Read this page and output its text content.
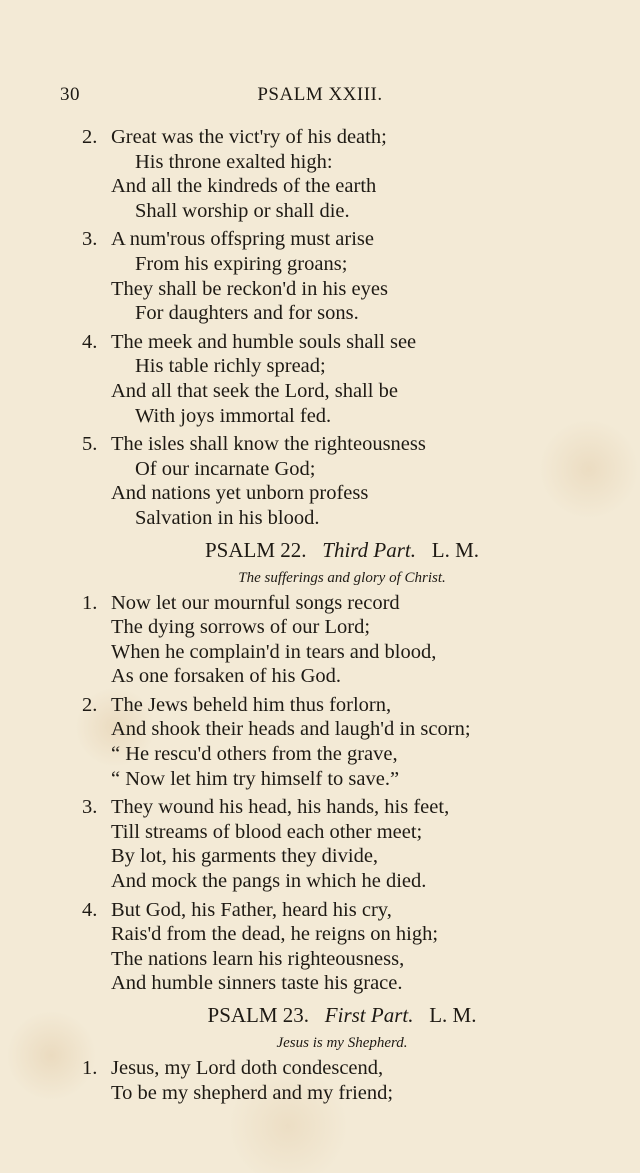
30	PSALM XXIII.
2. Great was the vict'ry of his death;
His throne exalted high:
And all the kindreds of the earth
Shall worship or shall die.
3. A num'rous offspring must arise
From his expiring groans;
They shall be reckon'd in his eyes
For daughters and for sons.
4. The meek and humble souls shall see
His table richly spread;
And all that seek the Lord, shall be
With joys immortal fed.
5. The isles shall know the righteousness
Of our incarnate God;
And nations yet unborn profess
Salvation in his blood.
PSALM 22. Third Part. L. M.
The sufferings and glory of Christ.
1. Now let our mournful songs record
The dying sorrows of our Lord;
When he complain'd in tears and blood,
As one forsaken of his God.
2. The Jews beheld him thus forlorn,
And shook their heads and laugh'd in scorn;
“ He rescu'd others from the grave,
“ Now let him try himself to save.”
3. They wound his head, his hands, his feet,
Till streams of blood each other meet;
By lot, his garments they divide,
And mock the pangs in which he died.
4. But God, his Father, heard his cry,
Rais'd from the dead, he reigns on high;
The nations learn his righteousness,
And humble sinners taste his grace.
PSALM 23. First Part. L. M.
Jesus is my Shepherd.
1. Jesus, my Lord doth condescend,
To be my shepherd and my friend;
